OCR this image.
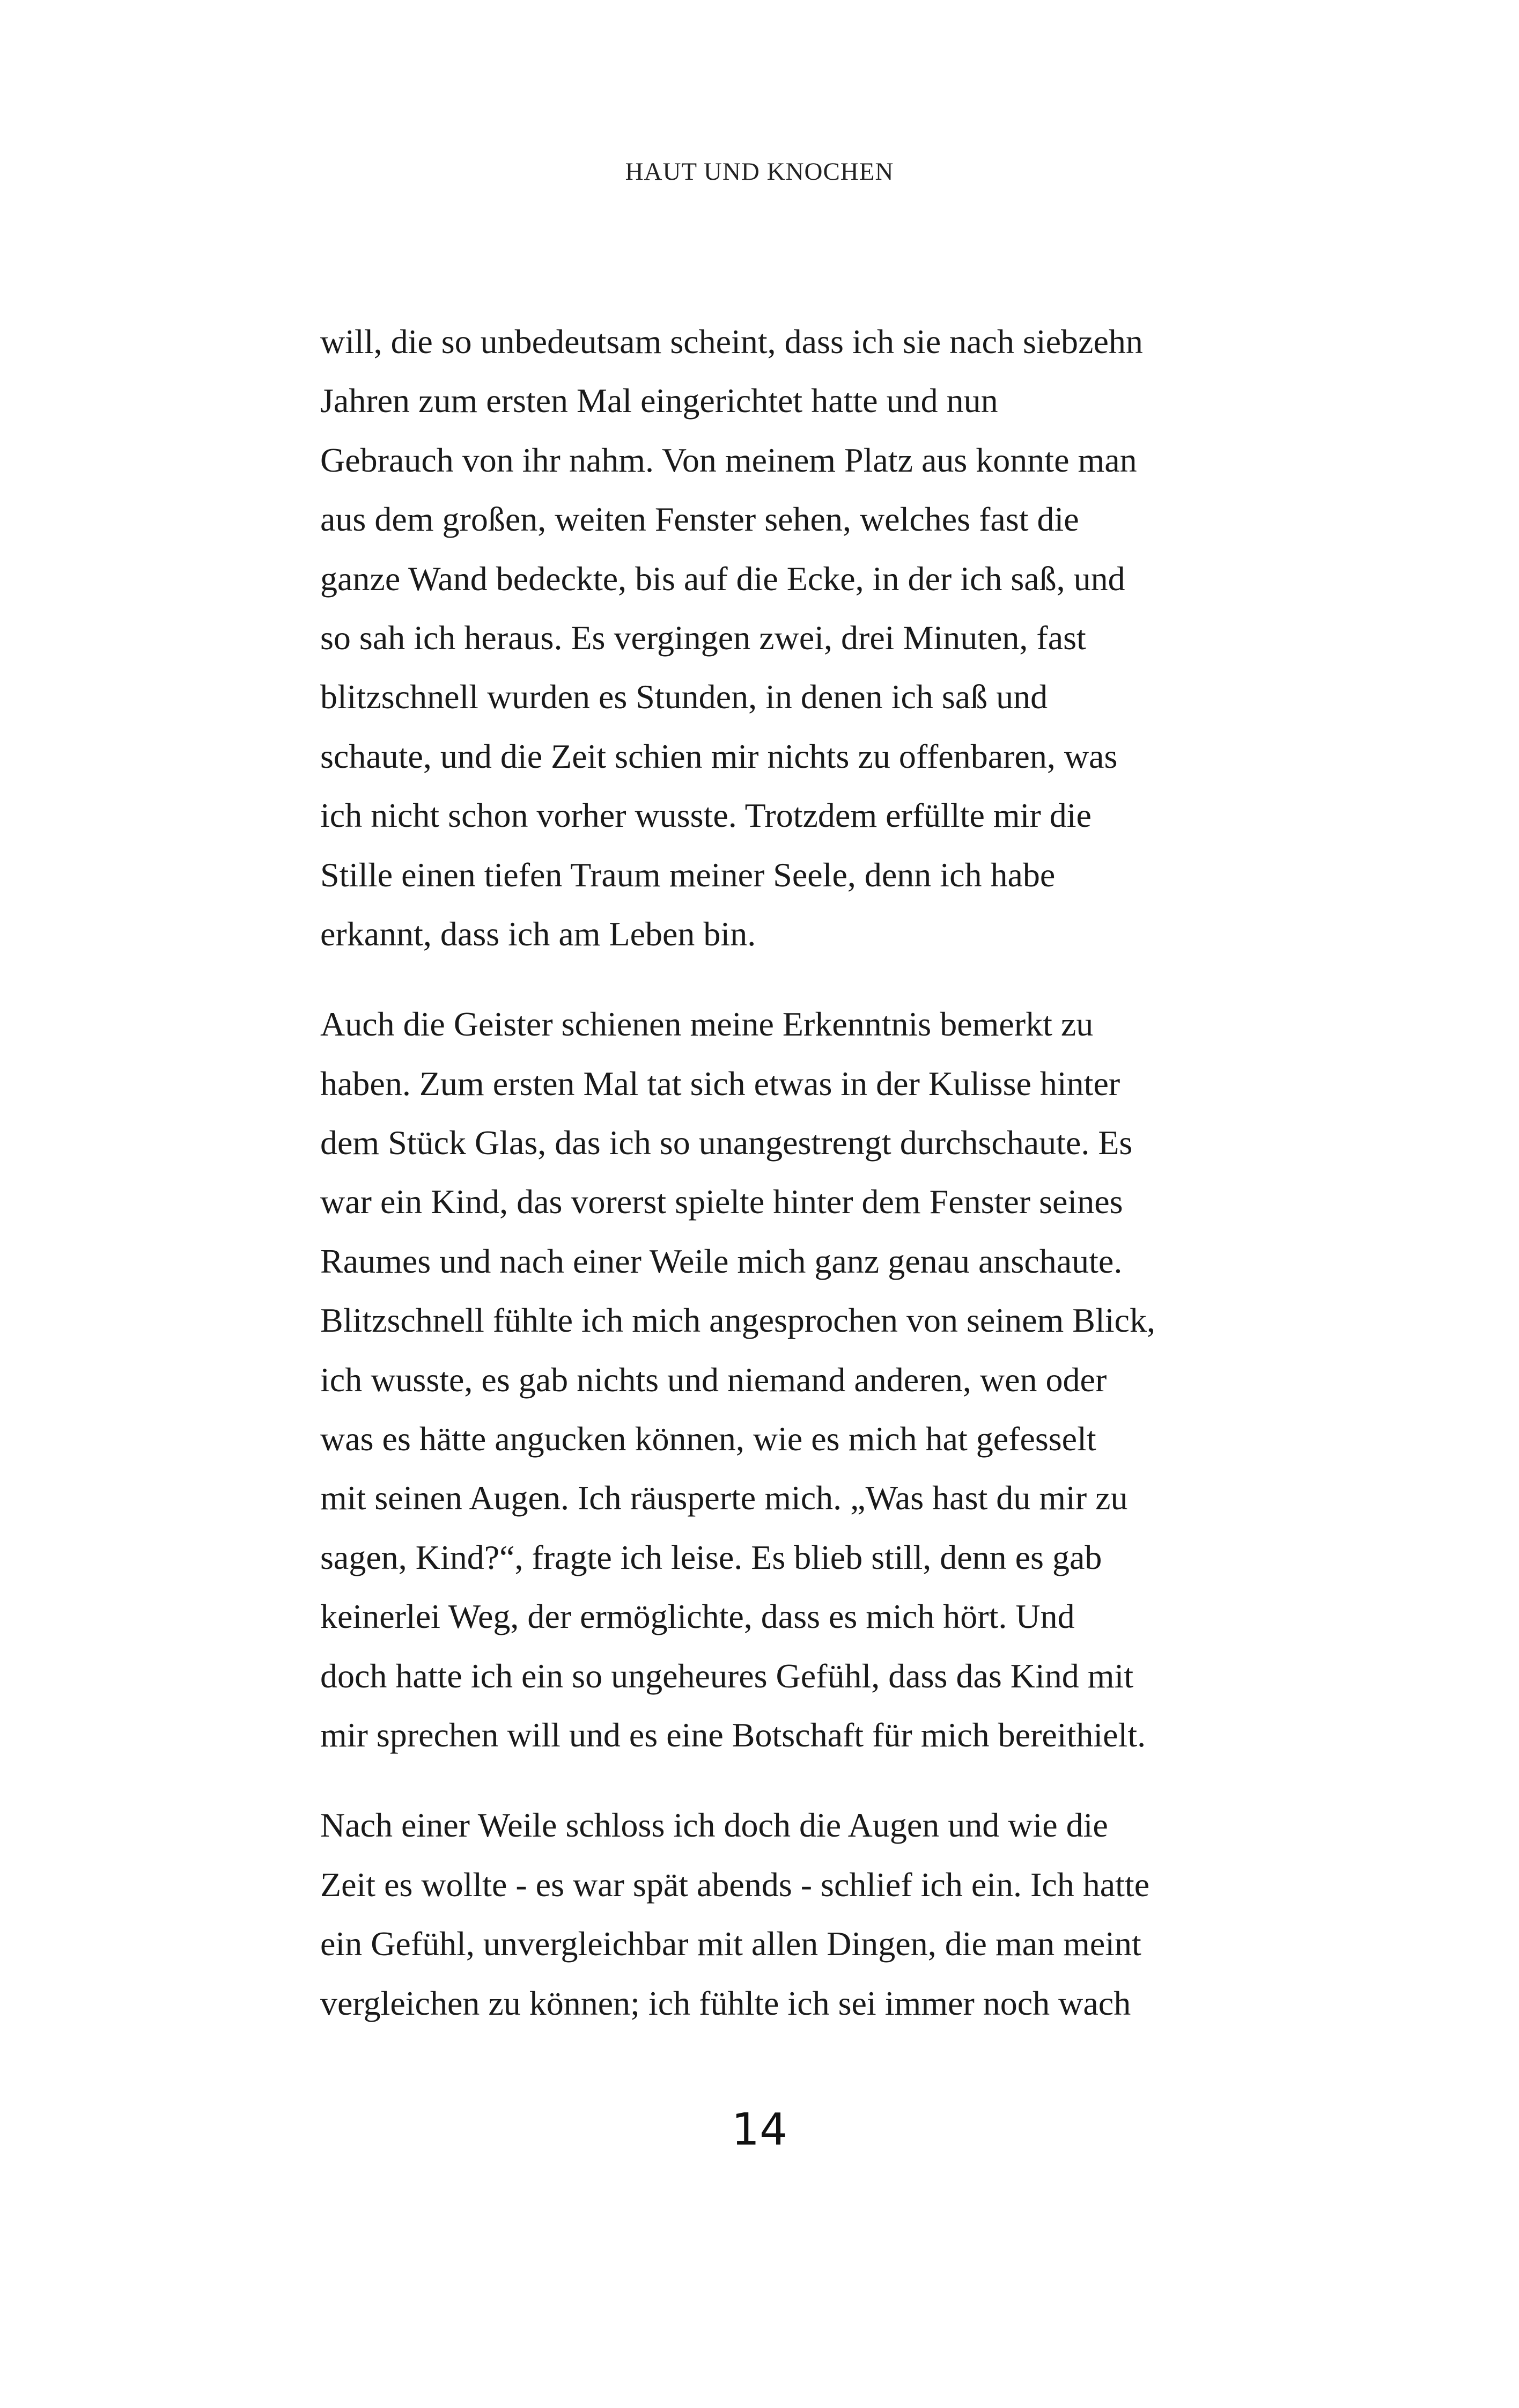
HAUT UND KNOCHEN

will, die so unbedeutsam scheint, dass ich sie nach siebzehn
Jahren zum ersten Mal eingerichtet hatte und nun
Gebrauch von ihr nahm. Von meinem Platz aus konnte man
aus dem großen, weiten Fenster sehen, welches fast die
ganze Wand bedeckte, bis auf die Ecke, in der ich saß, und
so sah ich heraus. Es vergingen zwei, drei Minuten, fast
blitzschnell wurden es Stunden, in denen ich saß und
schaute, und die Zeit schien mir nichts zu offenbaren, was
ich nicht schon vorher wusste. Trotzdem erfüllte mir die
Stille einen tiefen Traum meiner Seele, denn ich habe
erkannt, dass ich am Leben bin.

Auch die Geister schienen meine Erkenntnis bemerkt zu
haben. Zum ersten Mal tat sich etwas in der Kulisse hinter
dem Stück Glas, das ich so unangestrengt durchschaute. Es
war ein Kind, das vorerst spielte hinter dem Fenster seines
Raumes und nach einer Weile mich ganz genau anschaute.
Blitzschnell fühlte ich mich angesprochen von seinem Blick,
ich wusste, es gab nichts und niemand anderen, wen oder
was es hätte angucken können, wie es mich hat gefesselt
mit seinen Augen. Ich räusperte mich. „Was hast du mir zu
sagen, Kind?“, fragte ich leise. Es blieb still, denn es gab
keinerlei Weg, der ermöglichte, dass es mich hört. Und
doch hatte ich ein so ungeheures Gefühl, dass das Kind mit
mir sprechen will und es eine Botschaft für mich bereithielt.

Nach einer Weile schloss ich doch die Augen und wie die
Zeit es wollte - es war spät abends - schlief ich ein. Ich hatte
ein Gefühl, unvergleichbar mit allen Dingen, die man meint
vergleichen zu können; ich fühlte ich sei immer noch wach

14
